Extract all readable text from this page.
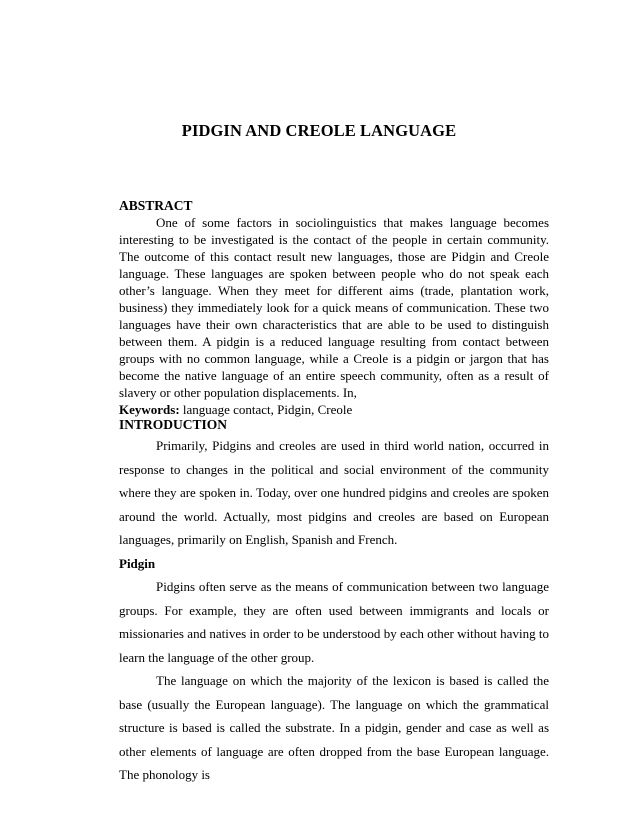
PIDGIN AND CREOLE LANGUAGE
ABSTRACT

One of some factors in sociolinguistics that makes language becomes interesting to be investigated is the contact of the people in certain community. The outcome of this contact result new languages, those are Pidgin and Creole language. These languages are spoken between people who do not speak each other’s language. When they meet for different aims (trade, plantation work, business) they immediately look for a quick means of communication. These two languages have their own characteristics that are able to be used to distinguish between them. A pidgin is a reduced language resulting from contact between groups with no common language, while a Creole is a pidgin or jargon that has become the native language of an entire speech community, often as a result of slavery or other population displacements. In,

Keywords: language contact, Pidgin, Creole
INTRODUCTION

Primarily, Pidgins and creoles are used in third world nation, occurred in response to changes in the political and social environment of the community where they are spoken in. Today, over one hundred pidgins and creoles are spoken around the world. Actually, most pidgins and creoles are based on European languages, primarily on English, Spanish and French.

Pidgin

Pidgins often serve as the means of communication between two language groups. For example, they are often used between immigrants and locals or missionaries and natives in order to be understood by each other without having to learn the language of the other group.

The language on which the majority of the lexicon is based is called the base (usually the European language). The language on which the grammatical structure is based is called the substrate. In a pidgin, gender and case as well as other elements of language are often dropped from the base European language. The phonology is
